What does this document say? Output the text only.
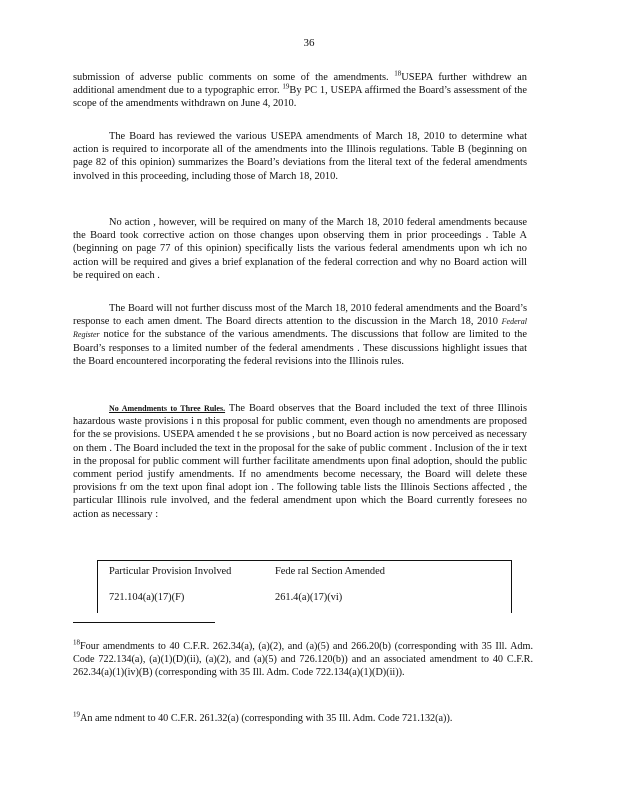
36

submission of adverse public comments on some of the amendments. $^{18}$USEPA further withdrew an additional amendment due to a typographic error. $^{19}$By PC 1, USEPA affirmed the Board’s assessment of the scope of the amendments withdrawn on June 4, 2010.

The Board has reviewed the various USEPA amendments of March 18, 2010 to determine what action is required to incorporate all of the amendments into the Illinois regulations. Table B (beginning on page 82 of this opinion) summarizes the Board’s deviations from the literal text of the federal amendments involved in this proceeding, including those of March 18, 2010.

No action , however, will be required on many of the March 18, 2010 federal amendments because the Board took corrective action on those changes upon observing them in prior proceedings . Table A (beginning on page 77 of this opinion) specifically lists the various federal amendments upon wh ich no action will be required and gives a brief explanation of the federal correction and why no Board action will be required on each .

The Board will not further discuss most of the March 18, 2010 federal amendments and the Board’s response to each amen dment. The Board directs attention to the discussion in the March 18, 2010 Federal Register notice for the substance of the various amendments. The discussions that follow are limited to the Board’s responses to a limited number of the federal amendments . These discussions highlight issues that the Board encountered incorporating the federal revisions into the Illinois rules.

No Amendments to Three Rules. The Board observes that the Board included the text of three Illinois hazardous waste provisions i n this proposal for public comment, even though no amendments are proposed for the se provisions. USEPA amended t he se provisions , but no Board action is now perceived as necessary on them . The Board included the text in the proposal for the sake of public comment . Inclusion of the ir text in the proposal for public comment will further facilitate amendments upon final adoption, should the public comment period justify amendments. If no amendments become necessary, the Board will delete these provisions fr om the text upon final adopt ion . The following table lists the Illinois Sections affected , the particular Illinois rule involved, and the federal amendment upon which the Board currently foresees no action as necessary :

Particular Provision Involved	Fede ral Section Amended
721.104(a)(17)(F)	261.4(a)(17)(vi)

$^{18}$Four amendments to 40 C.F.R. 262.34(a), (a)(2), and (a)(5) and 266.20(b) (corresponding with 35 Ill. Adm. Code 722.134(a), (a)(1)(D)(ii), (a)(2), and (a)(5) and 726.120(b)) and an associated amendment to 40 C.F.R. 262.34(a)(1)(iv)(B) (corresponding with 35 Ill. Adm. Code 722.134(a)(1)(D)(ii)).

$^{19}$An ame ndment to 40 C.F.R. 261.32(a) (corresponding with 35 Ill. Adm. Code 721.132(a)).
